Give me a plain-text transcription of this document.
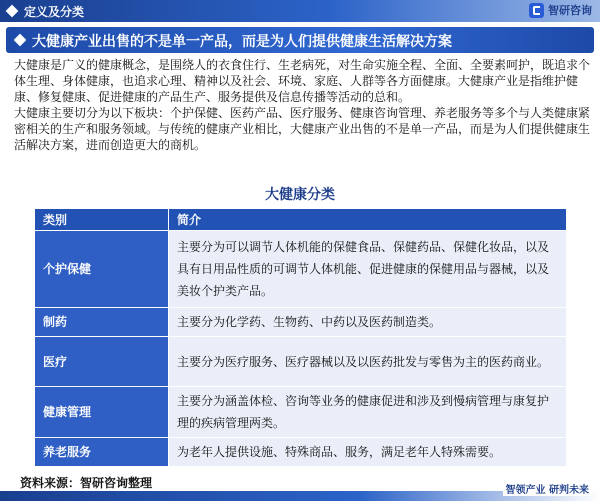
定义及分类	智研咨询
大健康产业出售的不是单一产品，而是为人们提供健康生活解决方案

大健康是广义的健康概念，是围绕人的衣食住行、生老病死，对生命实施全程、全面、全要素呵护，既追求个体生理、身体健康，也追求心理、精神以及社会、环境、家庭、人群等各方面健康。大健康产业是指维护健康、修复健康、促进健康的产品生产、服务提供及信息传播等活动的总和。

大健康主要切分为以下板块：个护保健、医药产品、医疗服务、健康咨询管理、养老服务等多个与人类健康紧密相关的生产和服务领域。与传统的健康产业相比，大健康产业出售的不是单一产品，而是为人们提供健康生活解决方案，进而创造更大的商机。

大健康分类
类别	简介
个护保健	主要分为可以调节人体机能的保健食品、保健药品、保健化妆品，以及具有日用品性质的可调节人体机能、促进健康的保健用品与器械，以及美妆个护类产品。
制药	主要分为化学药、生物药、中药以及医药制造类。
医疗	主要分为医疗服务、医疗器械以及以医药批发与零售为主的医药商业。
健康管理	主要分为涵盖体检、咨询等业务的健康促进和涉及到慢病管理与康复护理的疾病管理两类。
养老服务	为老年人提供设施、特殊商品、服务，满足老年人特殊需要。
资料来源：智研咨询整理
智领产业 研判未来
